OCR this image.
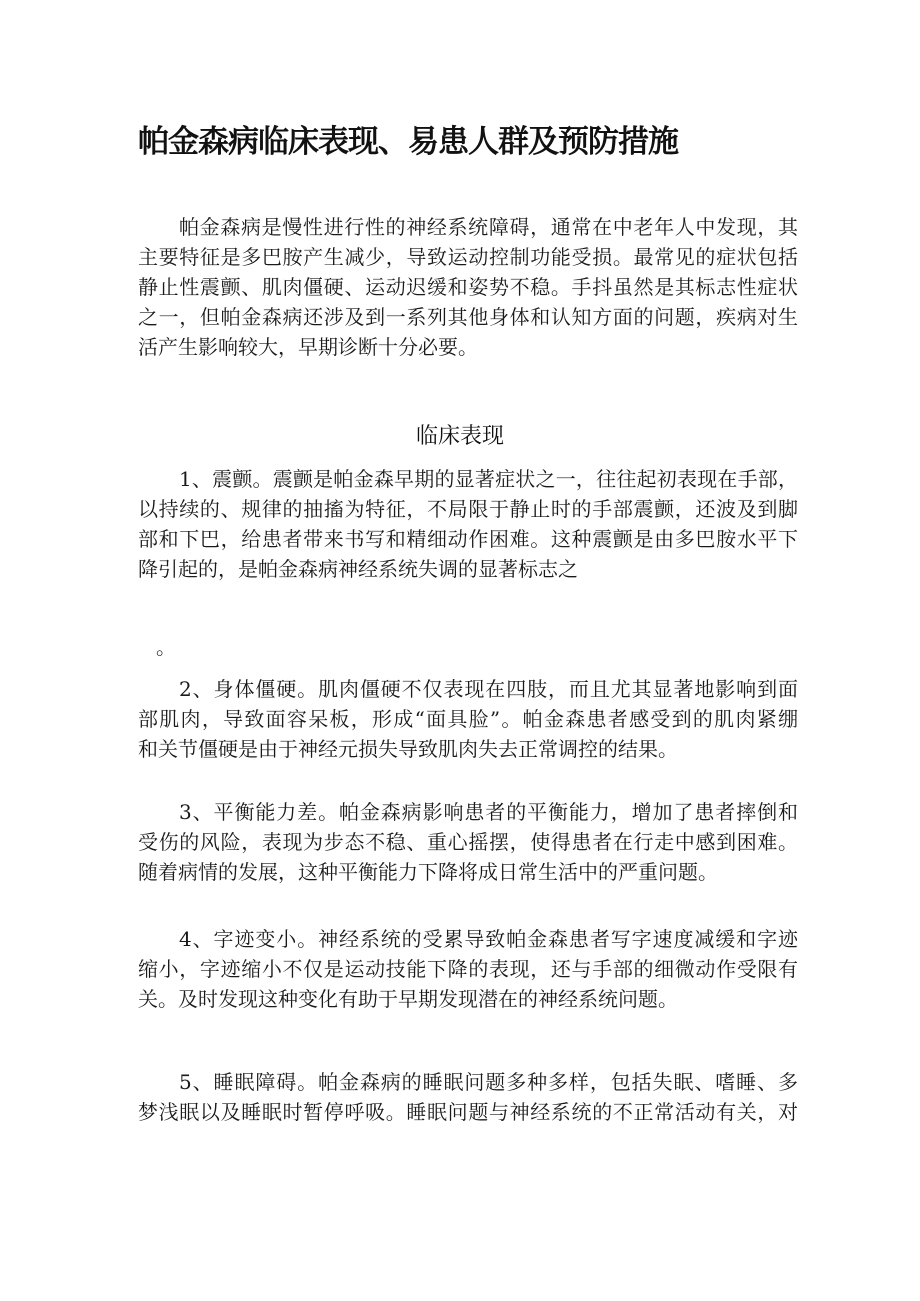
帕金森病临床表现、易患人群及预防措施
帕金森病是慢性进行性的神经系统障碍，通常在中老年人中发现，其
主要特征是多巴胺产生减少，导致运动控制功能受损。最常见的症状包括
静止性震颤、肌肉僵硬、运动迟缓和姿势不稳。手抖虽然是其标志性症状
之一，但帕金森病还涉及到一系列其他身体和认知方面的问题，疾病对生
活产生影响较大，早期诊断十分必要。
临床表现
1、震颤。震颤是帕金森早期的显著症状之一，往往起初表现在手部，
以持续的、规律的抽搐为特征，不局限于静止时的手部震颤，还波及到脚
部和下巴，给患者带来书写和精细动作困难。这种震颤是由多巴胺水平下
降引起的，是帕金森病神经系统失调的显著标志之
。
2、身体僵硬。肌肉僵硬不仅表现在四肢，而且尤其显著地影响到面
部肌肉，导致面容呆板，形成“面具脸”。帕金森患者感受到的肌肉紧绷
和关节僵硬是由于神经元损失导致肌肉失去正常调控的结果。
3、平衡能力差。帕金森病影响患者的平衡能力，增加了患者摔倒和
受伤的风险，表现为步态不稳、重心摇摆，使得患者在行走中感到困难。
随着病情的发展，这种平衡能力下降将成日常生活中的严重问题。
4、字迹变小。神经系统的受累导致帕金森患者写字速度减缓和字迹
缩小，字迹缩小不仅是运动技能下降的表现，还与手部的细微动作受限有
关。及时发现这种变化有助于早期发现潜在的神经系统问题。
5、睡眠障碍。帕金森病的睡眠问题多种多样，包括失眠、嗜睡、多
梦浅眠以及睡眠时暂停呼吸。睡眠问题与神经系统的不正常活动有关，对
